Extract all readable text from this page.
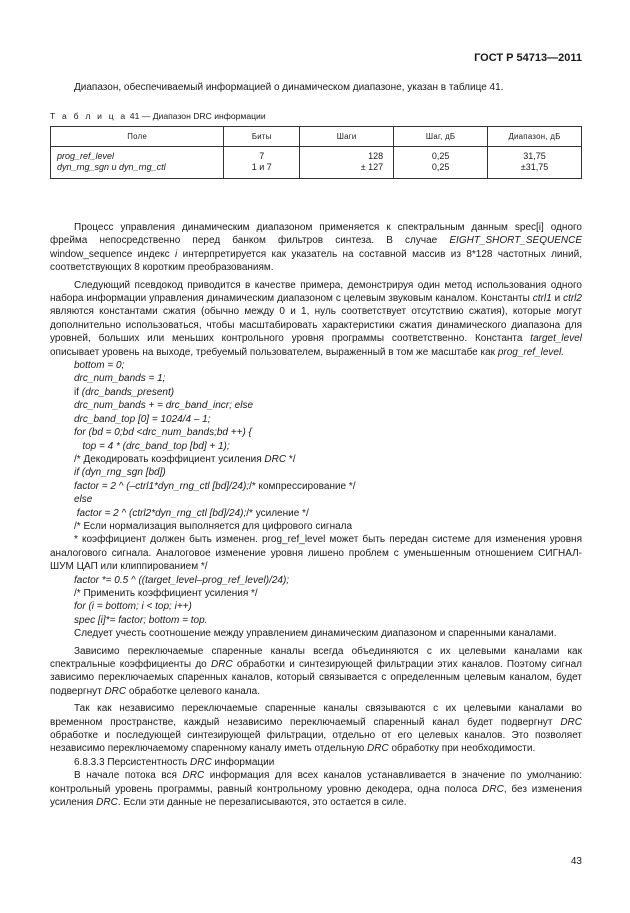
ГОСТ Р 54713—2011
Диапазон, обеспечиваемый информацией о динамическом диапазоне, указан в таблице 41.
Т а б л и ц а 41 — Диапазон DRC информации
Поле	Биты	Шаги	Шаг, дБ	Диапазон, дБ

prog_ref_level	7	128	0,25	31,75
dyn_rng_sgn и dyn_rng_ctl	1 и 7	± 127	0,25	±31,75

Процесс управления динамическим диапазоном применяется к спектральным данным spec[i] одного фрейма непосредственно перед банком фильтров синтеза. В случае EIGHT_SHORT_SEQUENCE window_sequence индекс i интерпретируется как указатель на составной массив из 8*128 частотных линий, соответствующих 8 коротким преобразованиям.

Следующий псевдокод приводится в качестве примера, демонстрируя один метод использования одного набора информации управления динамическим диапазоном с целевым звуковым каналом. Константы ctrl1 и ctrl2 являются константами сжатия (обычно между 0 и 1, нуль соответствует отсутствию сжатия), которые могут дополнительно использоваться, чтобы масштабировать характеристики сжатия динамического диапазона для уровней, больших или меньших контрольного уровня программы соответственно. Константа target_level описывает уровень на выходе, требуемый пользователем, выраженный в том же масштабе как prog_ref_level.

bottom = 0;
drc_num_bands = 1;
if (drc_bands_present)
drc_num_bands + = drc_band_incr; else
drc_band_top [0] = 1024/4 – 1;
for (bd = 0;bd <drc_num_bands;bd ++) {
top = 4 * (drc_band_top [bd] + 1);
/* Декодировать коэффициент усиления DRC */
if (dyn_rng_sgn [bd])
factor = 2 ^ (–ctrl1*dyn_rng_ctl [bd]/24);/* компрессирование */
else
factor = 2 ^ (ctrl2*dyn_rng_ctl [bd]/24);/* усиление */
/* Если нормализация выполняется для цифрового сигнала

* коэффициент должен быть изменен. prog_ref_level может быть передан системе для изменения уровня аналогового сигнала. Аналоговое изменение уровня лишено проблем с уменьшенным отношением СИГНАЛ-ШУМ ЦАП или клиппированием */

factor *= 0.5 ^ ((target_level–prog_ref_level)/24);
/* Применить коэффициент усиления */
for (i = bottom; i < top; i++)
spec [i]*= factor; bottom = top.

Следует учесть соотношение между управлением динамическим диапазоном и спаренными каналами.

Зависимо переключаемые спаренные каналы всегда объединяются с их целевыми каналами как спектральные коэффициенты до DRC обработки и синтезирующей фильтрации этих каналов. Поэтому сигнал зависимо переключаемых спаренных каналов, который связывается с определенным целевым каналом, будет подвергнут DRC обработке целевого канала.

Так как независимо переключаемые спаренные каналы связываются с их целевыми каналами во временном пространстве, каждый независимо переключаемый спаренный канал будет подвергнут DRC обработке и последующей синтезирующей фильтрации, отдельно от его целевых каналов. Это позволяет независимо переключаемому спаренному каналу иметь отдельную DRC обработку при необходимости.

6.8.3.3 Персистентность DRC информации

В начале потока вся DRC информация для всех каналов устанавливается в значение по умолчанию: контрольный уровень программы, равный контрольному уровню декодера, одна полоса DRC, без изменения усиления DRC. Если эти данные не перезаписываются, это остается в силе.

43
